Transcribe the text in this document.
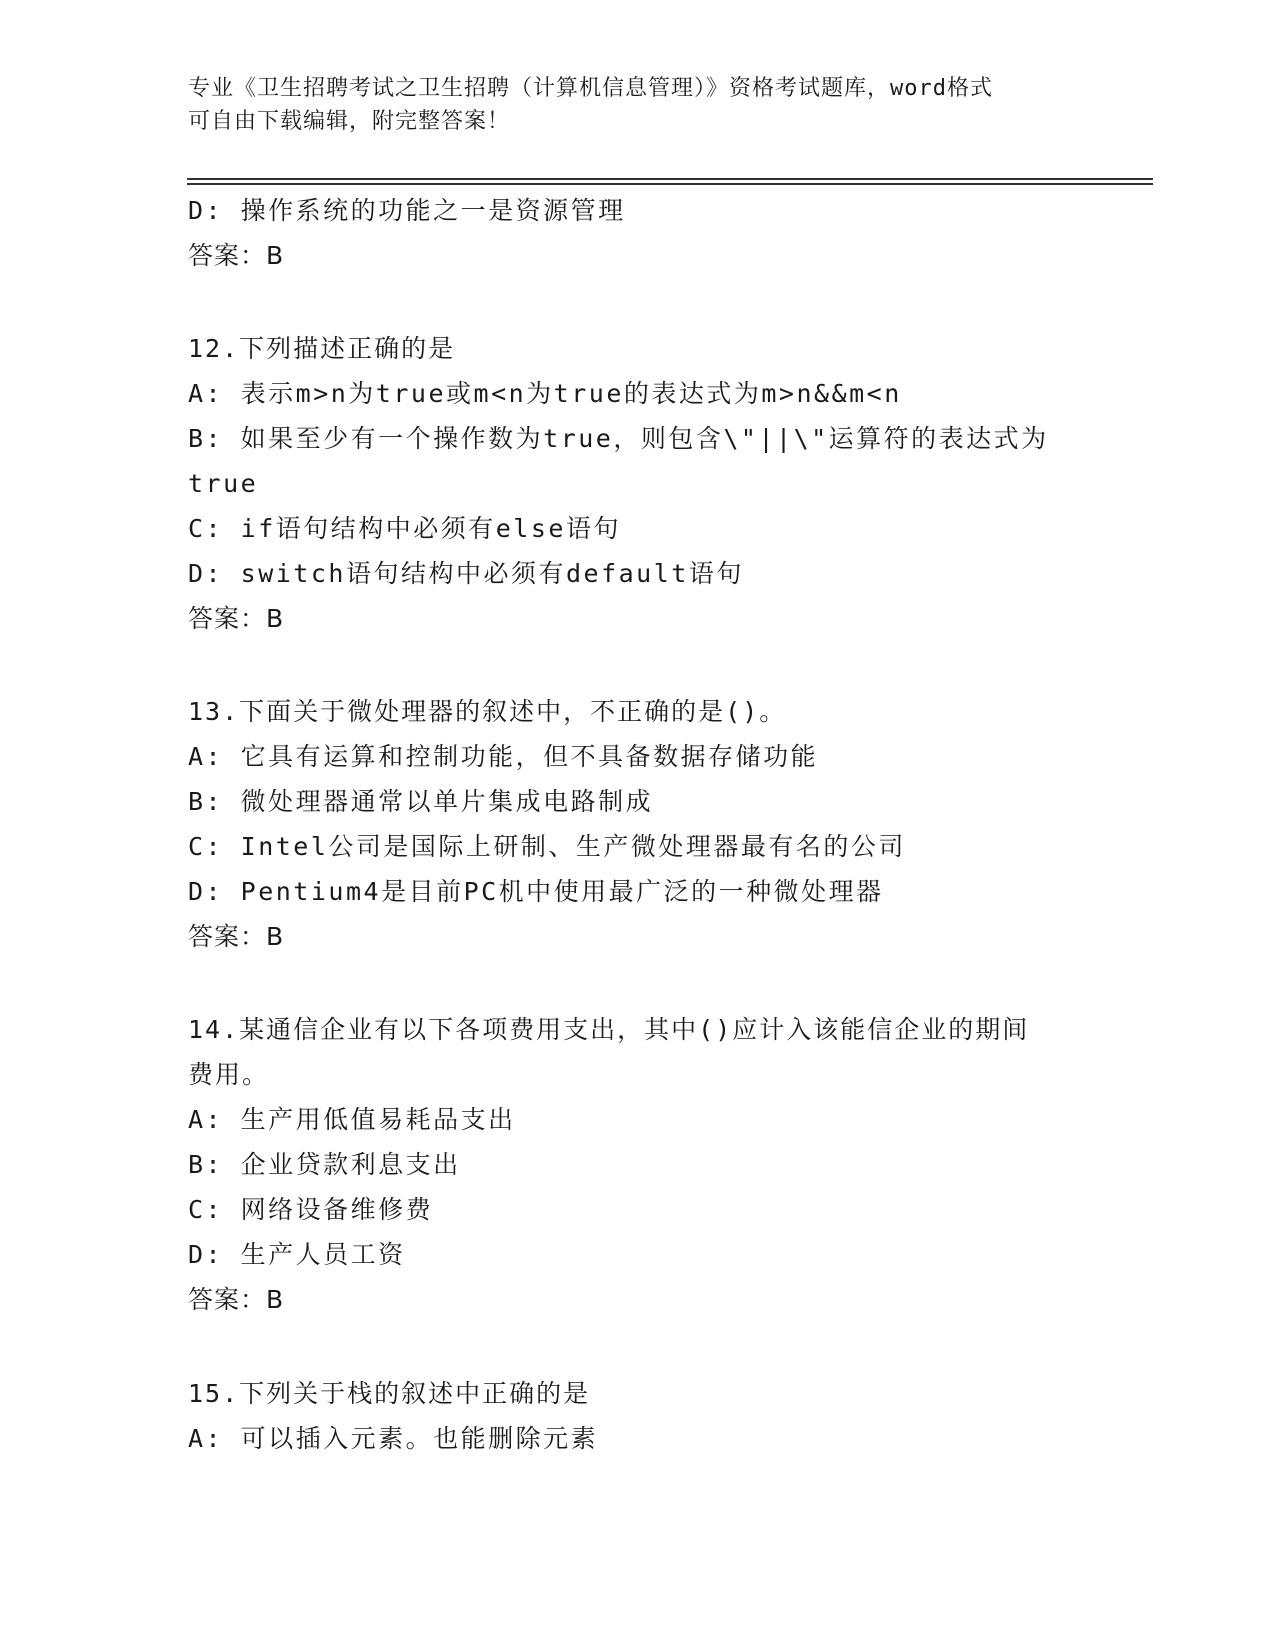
专业《卫生招聘考试之卫生招聘（计算机信息管理）》资格考试题库，word格式
可自由下载编辑，附完整答案！
D: 操作系统的功能之一是资源管理
答案：B
12.下列描述正确的是
A: 表示m>n为true或m<n为true的表达式为m>n&&m<n
B: 如果至少有一个操作数为true，则包含\"||\"运算符的表达式为
true
C: if语句结构中必须有else语句
D: switch语句结构中必须有default语句
答案：B
13.下面关于微处理器的叙述中，不正确的是()。
A: 它具有运算和控制功能，但不具备数据存储功能
B: 微处理器通常以单片集成电路制成
C: Intel公司是国际上研制、生产微处理器最有名的公司
D: Pentium4是目前PC机中使用最广泛的一种微处理器
答案：B
14.某通信企业有以下各项费用支出，其中()应计入该能信企业的期间
费用。
A: 生产用低值易耗品支出
B: 企业贷款利息支出
C: 网络设备维修费
D: 生产人员工资
答案：B
15.下列关于栈的叙述中正确的是
A: 可以插入元素。也能删除元素
